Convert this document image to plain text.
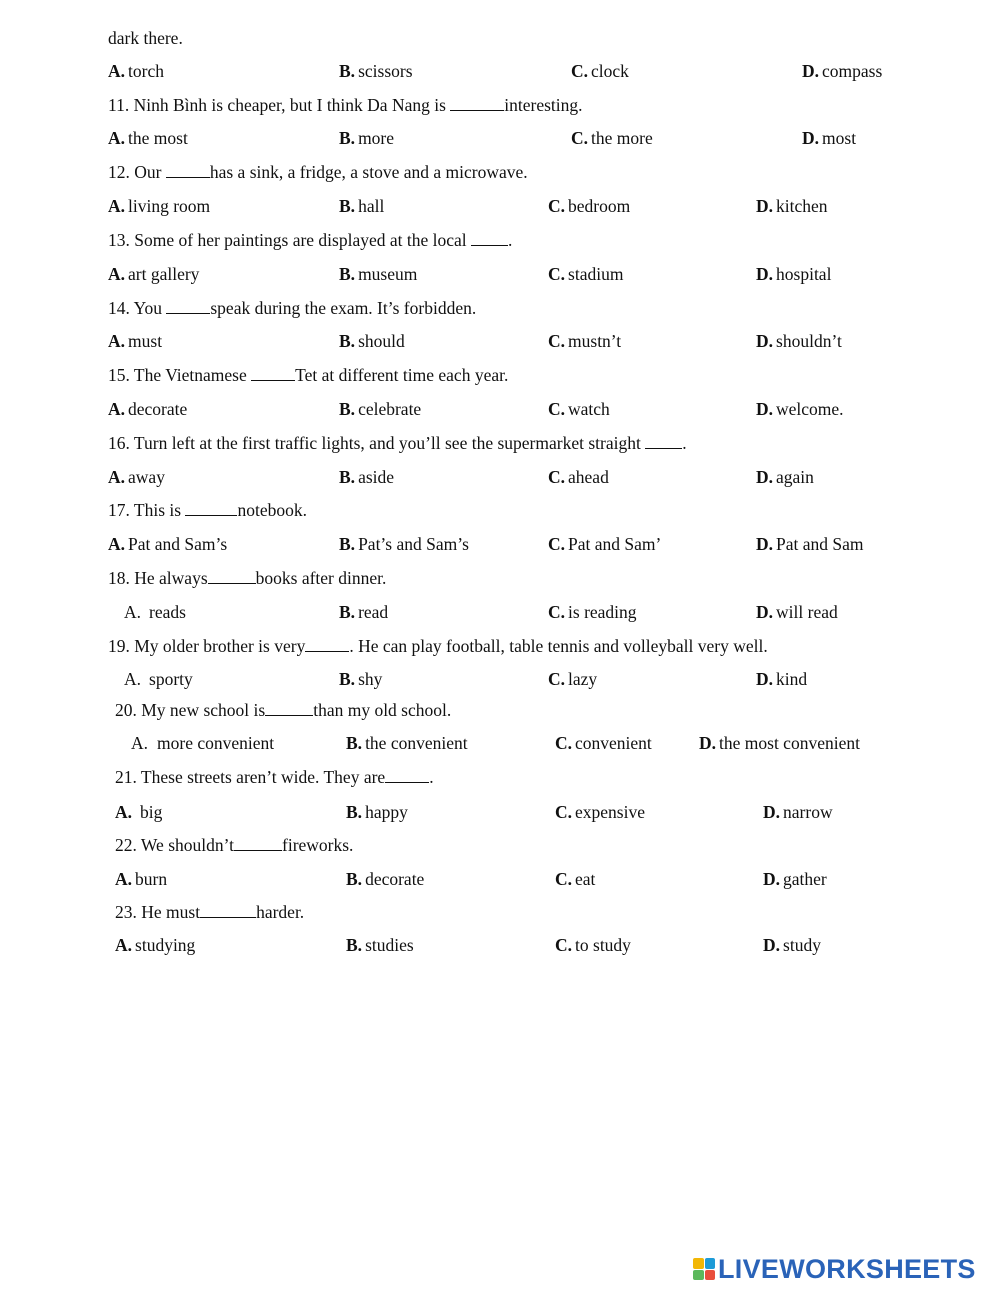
dark there.
A. torch	B. scissors	C. clock	D. compass
11. Ninh Bình is cheaper, but I think Da Nang is	interesting.
A. the most	B. more	C. the more	D. most
12. Our	has a sink, a fridge, a stove and a microwave.
A. living room	B. hall	C. bedroom	D. kitchen
13. Some of her paintings are displayed at the local .
A. art gallery	B. museum	C. stadium	D. hospital
14. You	speak during the exam. It’s forbidden.
A. must	B. should	C. mustn’t	D. shouldn’t
15. The Vietnamese	Tet at different time each year.
A. decorate	B. celebrate	C. watch	D. welcome.
16. Turn left at the first traffic lights, and you’ll see the supermarket straight .
A. away	B. aside	C. ahead	D. again
17. This is	notebook.
A. Pat and Sam’s	B. Pat’s and Sam’s	C. Pat and Sam’	D. Pat and Sam
18. He always	books after dinner.
A. reads	B. read	C. is reading	D. will read
19. My older brother is very	. He can play football, table tennis and volleyball very well.
A. sporty	B. shy	C. lazy	D. kind
20. My new school is	than my old school.
A. more convenient	B. the convenient	C. convenient	D. the most convenient
21. These streets aren’t wide. They are	.
A. big	B. happy	C. expensive	D. narrow
22. We shouldn’t	fireworks.
A. burn	B. decorate	C. eat	D. gather
23. He must	harder.
A. studying	B. studies	C. to study	D. study
LIVEWORKSHEETS
